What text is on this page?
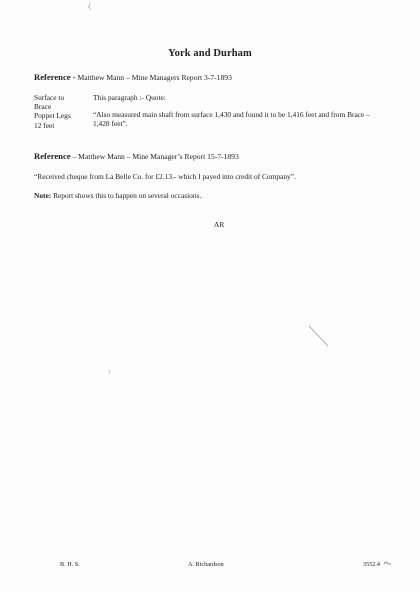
York and Durham
Reference - Matthew Mann – Mine Managers Report 3-7-1893
Surface to
Brace
Poppet Legs
12 feet
This paragraph :- Quote:
“Also measured main shaft from surface 1,430 and found it to be 1,416 feet and from Brace – 1,428 feet”.
Reference – Matthew Mann – Mine Manager’s Report 15-7-1893
“Received cheque from La Belle Co. for £2.13.- which I payed into credit of Company”.
Note: Report shows this to happen on several occasions.
AR
B. H. S.	A. Richardson	3552.4
